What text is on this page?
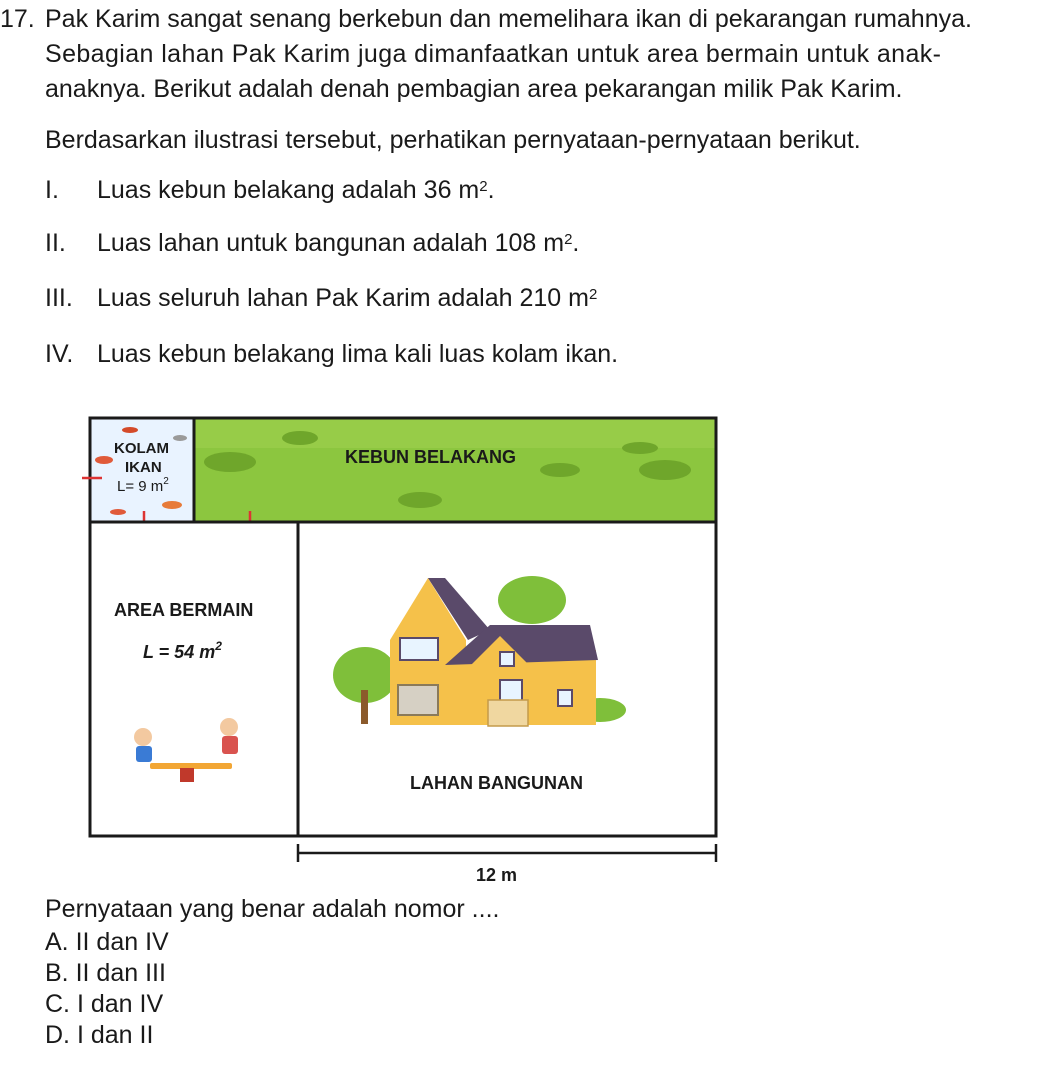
17. Pak Karim sangat senang berkebun dan memelihara ikan di pekarangan rumahnya.
Sebagian lahan Pak Karim juga dimanfaatkan untuk area bermain untuk anak-
anaknya. Berikut adalah denah pembagian area pekarangan milik Pak Karim.
Berdasarkan ilustrasi tersebut, perhatikan pernyataan-pernyataan berikut.
I. Luas kebun belakang adalah 36 $m^2$.
II. Luas lahan untuk bangunan adalah 108 $m^2$.
III. Luas seluruh lahan Pak Karim adalah 210 $m^2$
IV. Luas kebun belakang lima kali luas kolam ikan.
KOLAM
IKAN
L= 9 $m^2$
KEBUN BELAKANG
AREA BERMAIN
L = 54 $m^2$
LAHAN BANGUNAN
12 m
Pernyataan yang benar adalah nomor ....
A. II dan IV
B. II dan III
C. I dan IV
D. I dan II
